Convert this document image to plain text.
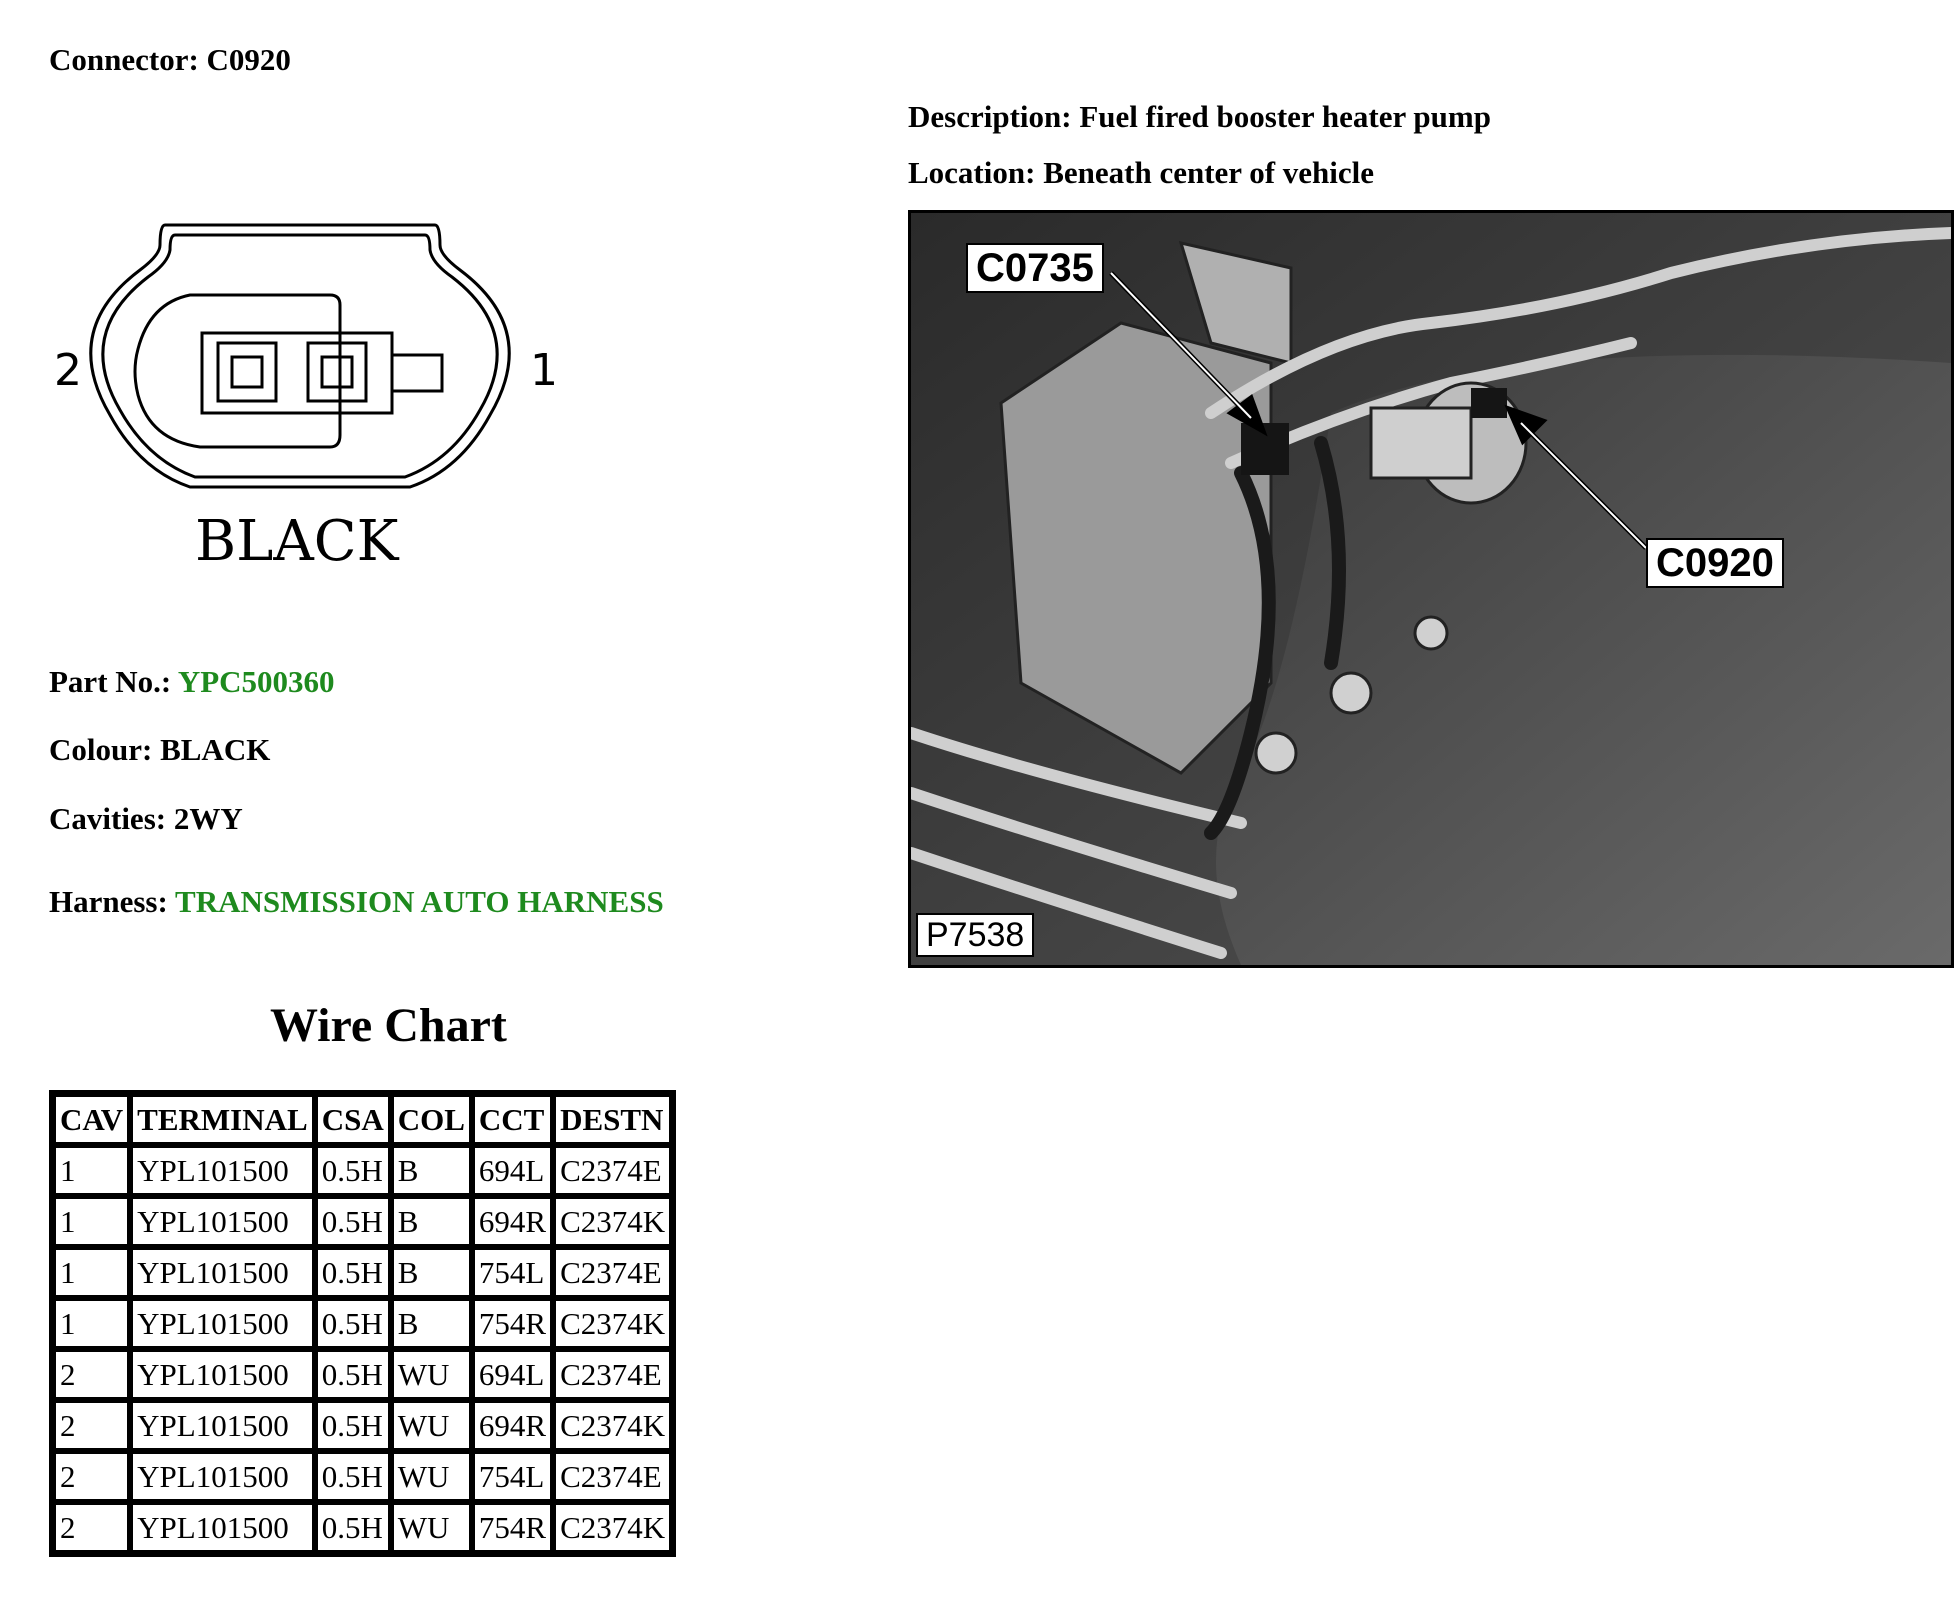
Connector: C0920
Description: Fuel fired booster heater pump
Location: Beneath center of vehicle
2	1
BLACK
Part No.: YPC500360
Colour: BLACK
Cavities: 2WY
Harness: TRANSMISSION AUTO HARNESS
Wire Chart
CAV	TERMINAL	CSA	COL	CCT	DESTN
1	YPL101500	0.5H	B	694L	C2374E
1	YPL101500	0.5H	B	694R	C2374K
1	YPL101500	0.5H	B	754L	C2374E
1	YPL101500	0.5H	B	754R	C2374K
2	YPL101500	0.5H	WU	694L	C2374E
2	YPL101500	0.5H	WU	694R	C2374K
2	YPL101500	0.5H	WU	754L	C2374E
2	YPL101500	0.5H	WU	754R	C2374K
C0735
C0920
P7538
